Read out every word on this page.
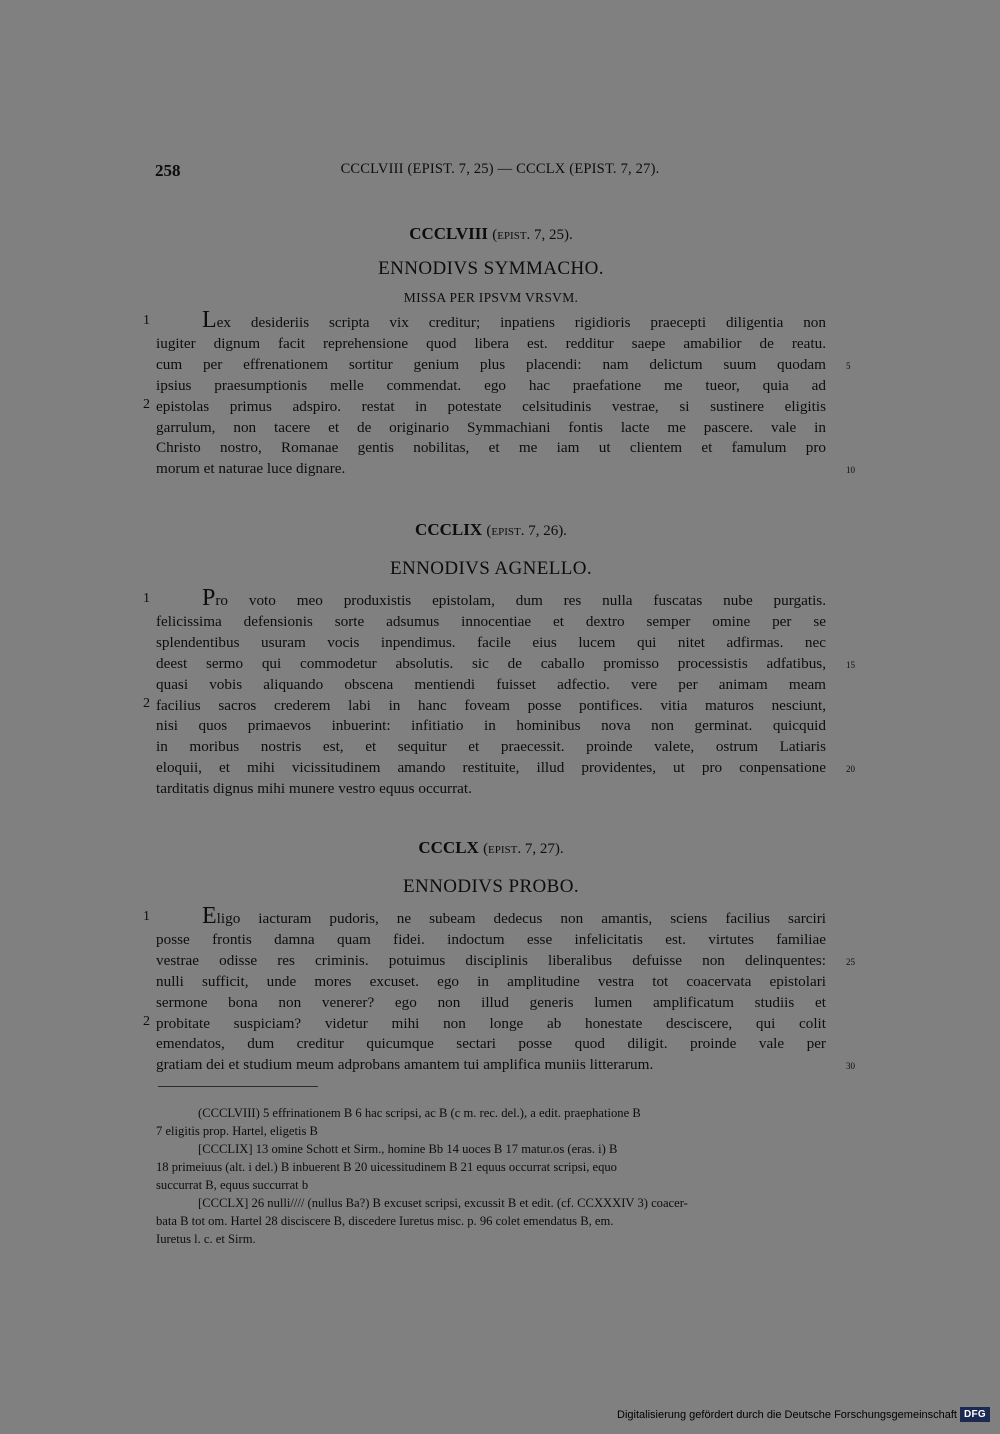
258	CCCLVIII (EPIST. 7, 25) — CCCLX (EPIST. 7, 27).
CCCLVIII (epist. 7, 25).
ENNODIVS SYMMACHO.
MISSA PER IPSVM VRSVM.
Lex desideriis scripta vix creditur; inpatiens rigidioris praecepti diligentia non
iugiter dignum facit reprehensione quod libera est. redditur saepe amabilior de reatu.
cum per effrenationem sortitur genium plus placendi: nam delictum suum quodam
ipsius praesumptionis melle commendat. ego hac praefatione me tueor, quia ad
epistolas primus adspiro. restat in potestate celsitudinis vestrae, si sustinere eligitis
garrulum, non tacere et de originario Symmachiani fontis lacte me pascere. vale in
Christo nostro, Romanae gentis nobilitas, et me iam ut clientem et famulum pro
morum et naturae luce dignare.
CCCLIX (epist. 7, 26).
ENNODIVS AGNELLO.
Pro voto meo produxistis epistolam, dum res nulla fuscatas nube purgatis.
felicissima defensionis sorte adsumus innocentiae et dextro semper omine per se
splendentibus usuram vocis inpendimus. facile eius lucem qui nitet adfirmas. nec
deest sermo qui commodetur absolutis. sic de caballo promisso processistis adfatibus,
quasi vobis aliquando obscena mentiendi fuisset adfectio. vere per animam meam
facilius sacros crederem labi in hanc foveam posse pontifices. vitia maturos nesciunt,
nisi quos primaevos inbuerint: infitiatio in hominibus nova non germinat. quicquid
in moribus nostris est, et sequitur et praecessit. proinde valete, ostrum Latiaris
eloquii, et mihi vicissitudinem amando restituite, illud providentes, ut pro conpensatione
tarditatis dignus mihi munere vestro equus occurrat.
CCCLX (epist. 7, 27).
ENNODIVS PROBO.
Eligo iacturam pudoris, ne subeam dedecus non amantis, sciens facilius sarciri
posse frontis damna quam fidei. indoctum esse infelicitatis est. virtutes familiae
vestrae odisse res criminis. potuimus disciplinis liberalibus defuisse non delinquentes:
nulli sufficit, unde mores excuset. ego in amplitudine vestra tot coacervata epistolari
sermone bona non venerer? ego non illud generis lumen amplificatum studiis et
probitate suspiciam? videtur mihi non longe ab honestate desciscere, qui colit
emendatos, dum creditur quicumque sectari posse quod diligit. proinde vale per
gratiam dei et studium meum adprobans amantem tui amplifica muniis litterarum.
(CCCLVIII) 5 effrinationem B 6 hac scripsi, ac B (c m. rec. del.), a edit. praephatione B
7 eligitis prop. Hartel, eligetis B
[CCCLIX] 13 omine Schott et Sirm., homine Bb 14 uoces B 17 matur.os (eras. i) B
18 primeiuus (alt. i del.) B inbuerent B 20 uicessitudinem B 21 equus occurrat scripsi, equo
succurrat B, equus succurrat b
[CCCLX] 26 nulli//// (nullus Ba?) B excuset scripsi, excussit B et edit. (cf. CCXXXIV 3) coacer-
bata B tot om. Hartel 28 disciscere B, discedere Iuretus misc. p. 96 colet emendatus B, em.
Iuretus l. c. et Sirm.
Digitalisierung gefördert durch die Deutsche Forschungsgemeinschaft DFG
1
2
5
10
1
2
15
20
1
2
25
30
